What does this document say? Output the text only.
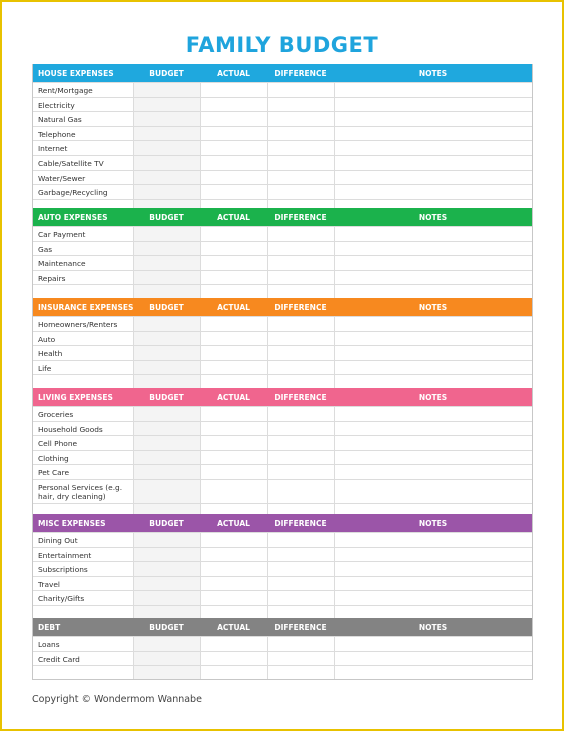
FAMILY BUDGET
HOUSE EXPENSES	BUDGET	ACTUAL	DIFFERENCE	NOTES
Rent/Mortgage
Electricity
Natural Gas
Telephone
Internet
Cable/Satellite TV
Water/Sewer
Garbage/Recycling
AUTO EXPENSES	BUDGET	ACTUAL	DIFFERENCE	NOTES
Car Payment
Gas
Maintenance
Repairs
INSURANCE EXPENSES	BUDGET	ACTUAL	DIFFERENCE	NOTES
Homeowners/Renters
Auto
Health
Life
LIVING EXPENSES	BUDGET	ACTUAL	DIFFERENCE	NOTES
Groceries
Household Goods
Cell Phone
Clothing
Pet Care
Personal Services (e.g. hair, dry cleaning)
MISC EXPENSES	BUDGET	ACTUAL	DIFFERENCE	NOTES
Dining Out
Entertainment
Subscriptions
Travel
Charity/Gifts
DEBT	BUDGET	ACTUAL	DIFFERENCE	NOTES
Loans
Credit Card
Copyright © Wondermom Wannabe
